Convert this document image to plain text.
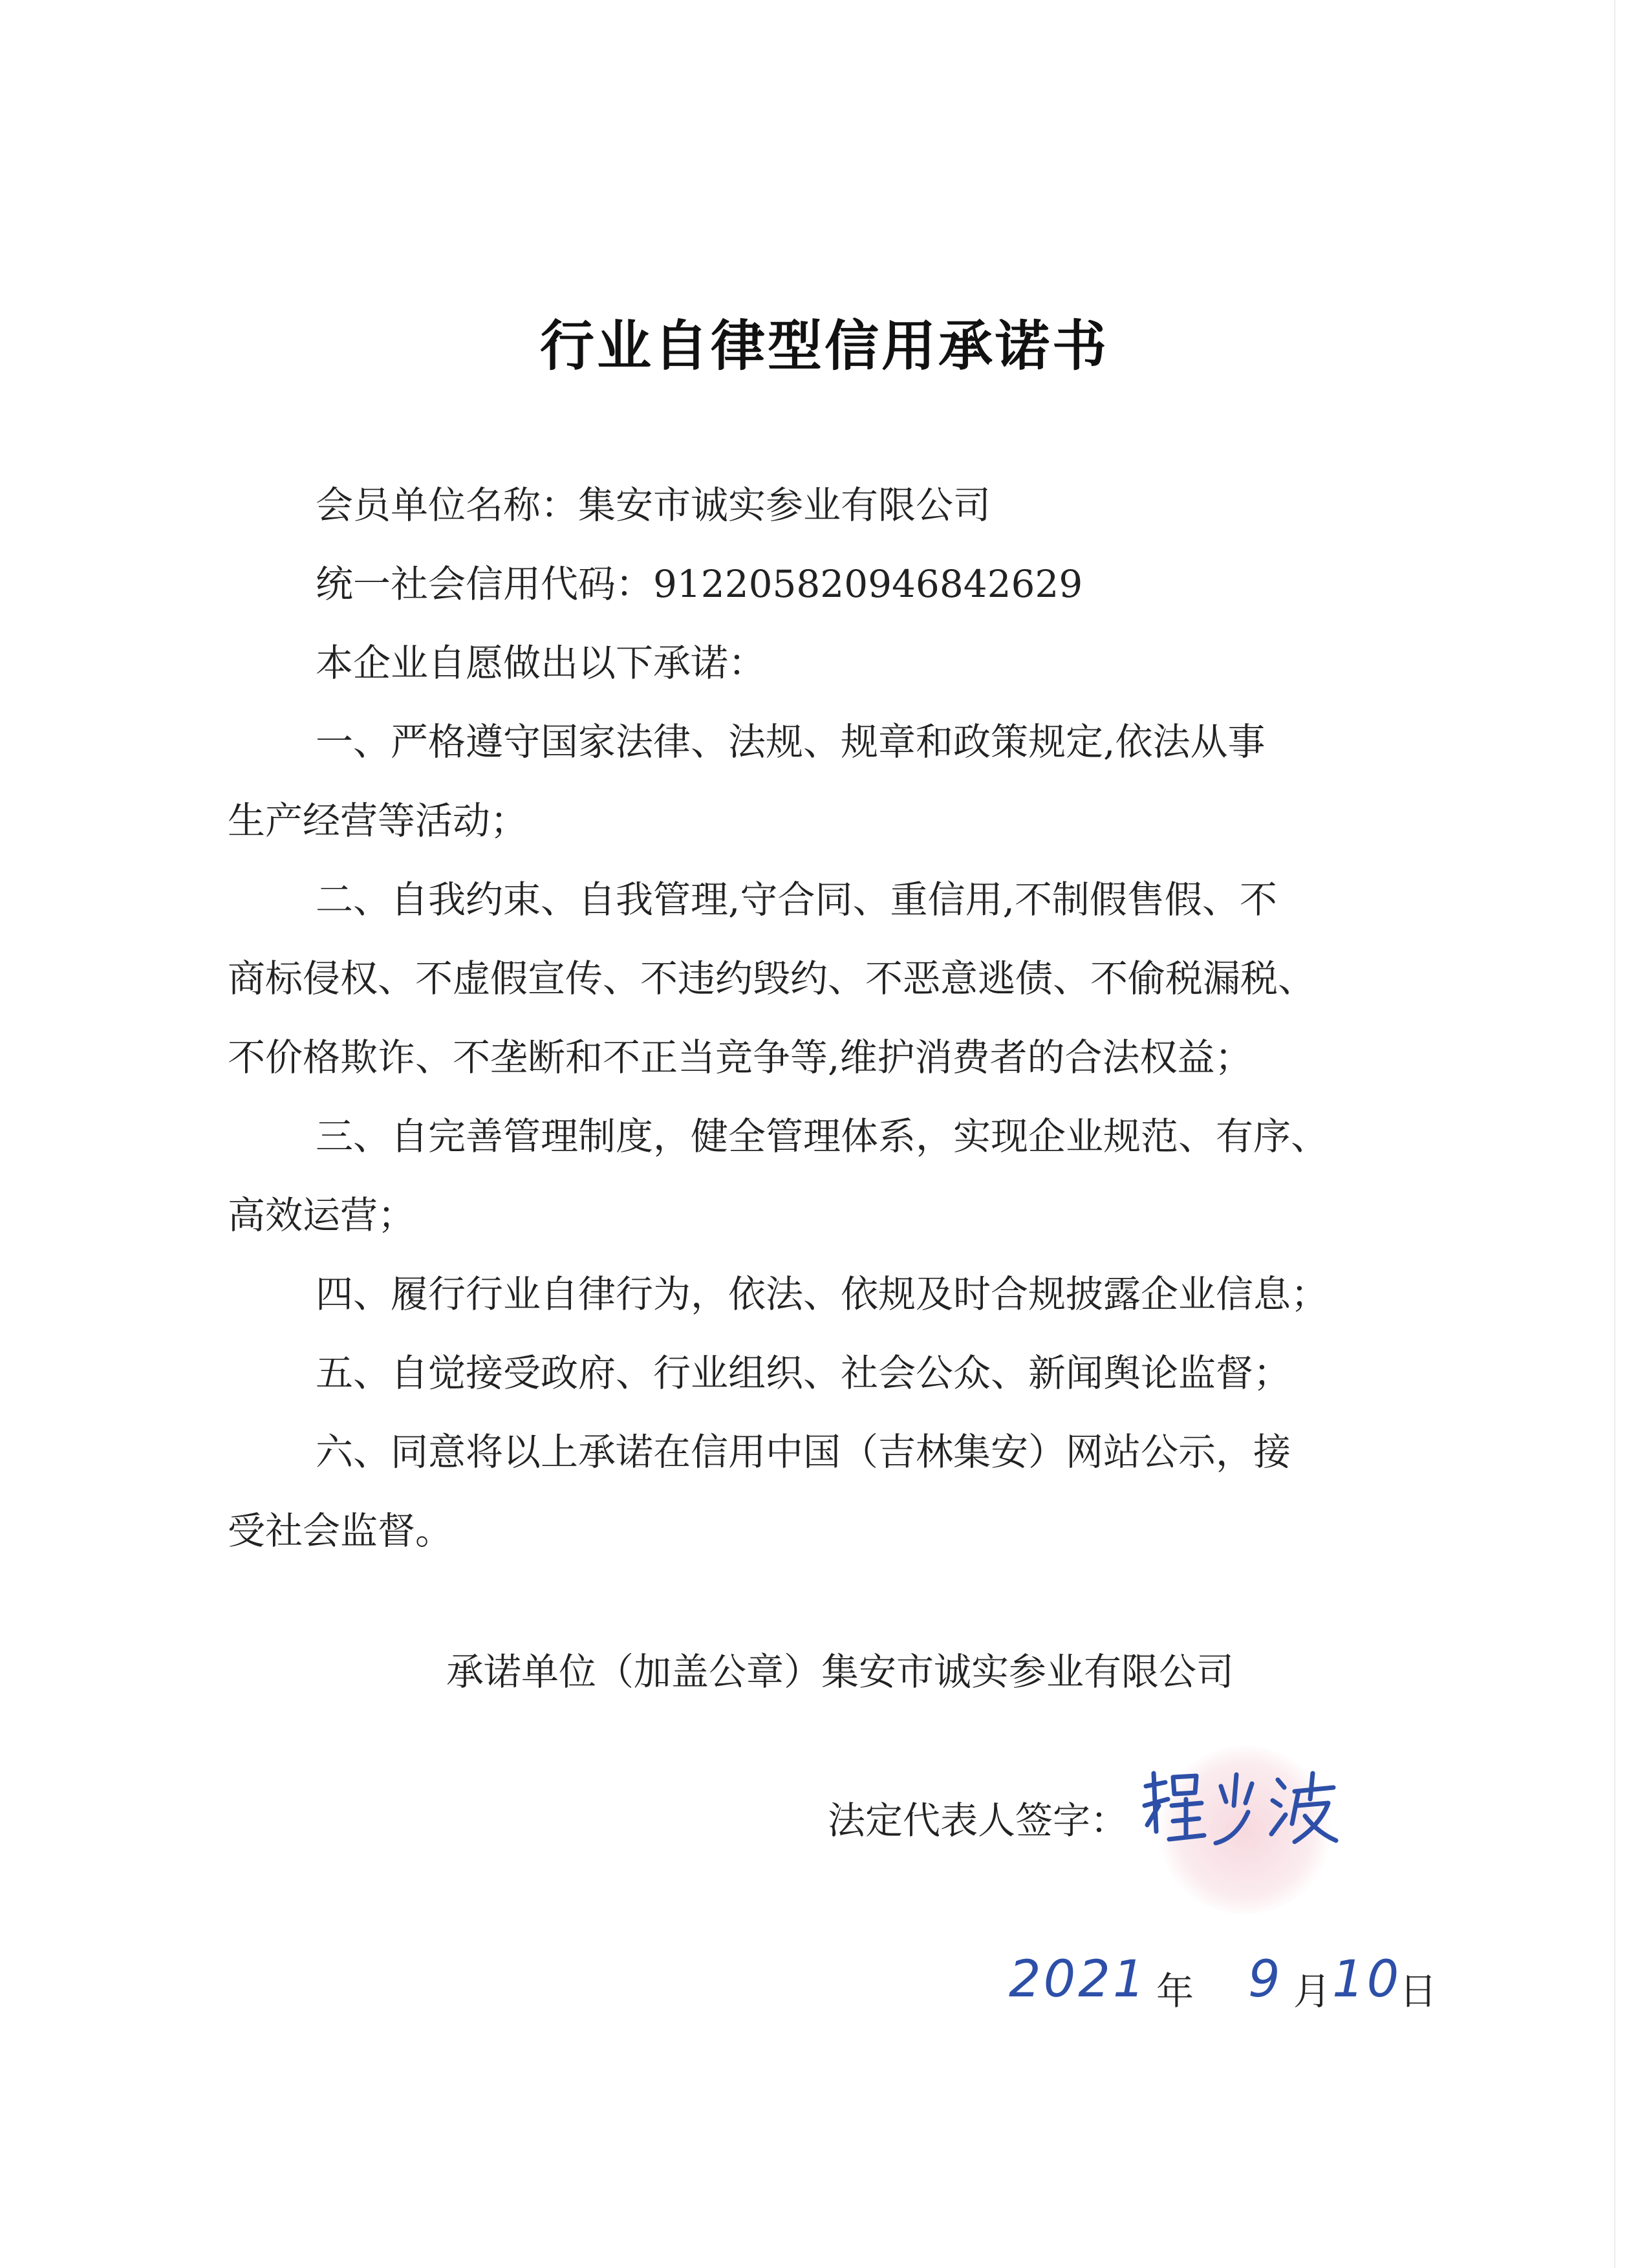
行业自律型信用承诺书
会员单位名称：集安市诚实参业有限公司
统一社会信用代码：91220582094684262​9
本企业自愿做出以下承诺：
一、严格遵守国家法律、法规、规章和政策规定,依法从事
生产经营等活动；
二、自我约束、自我管理,守合同、重信用,不制假售假、不
商标侵权、不虚假宣传、不违约毁约、不恶意逃债、不偷税漏税、
不价格欺诈、不垄断和不正当竞争等,维护消费者的合法权益；
三、自完善管理制度，健全管理体系，实现企业规范、有序、
高效运营；
四、履行行业自律行为，依法、依规及时合规披露企业信息；
五、自觉接受政府、行业组织、社会公众、新闻舆论监督；
六、同意将以上承诺在信用中国（吉林集安）网站公示，接
受社会监督。
承诺单位（加盖公章）集安市诚实参业有限公司
法定代表人签字：
2021 年 9 月 10
日
